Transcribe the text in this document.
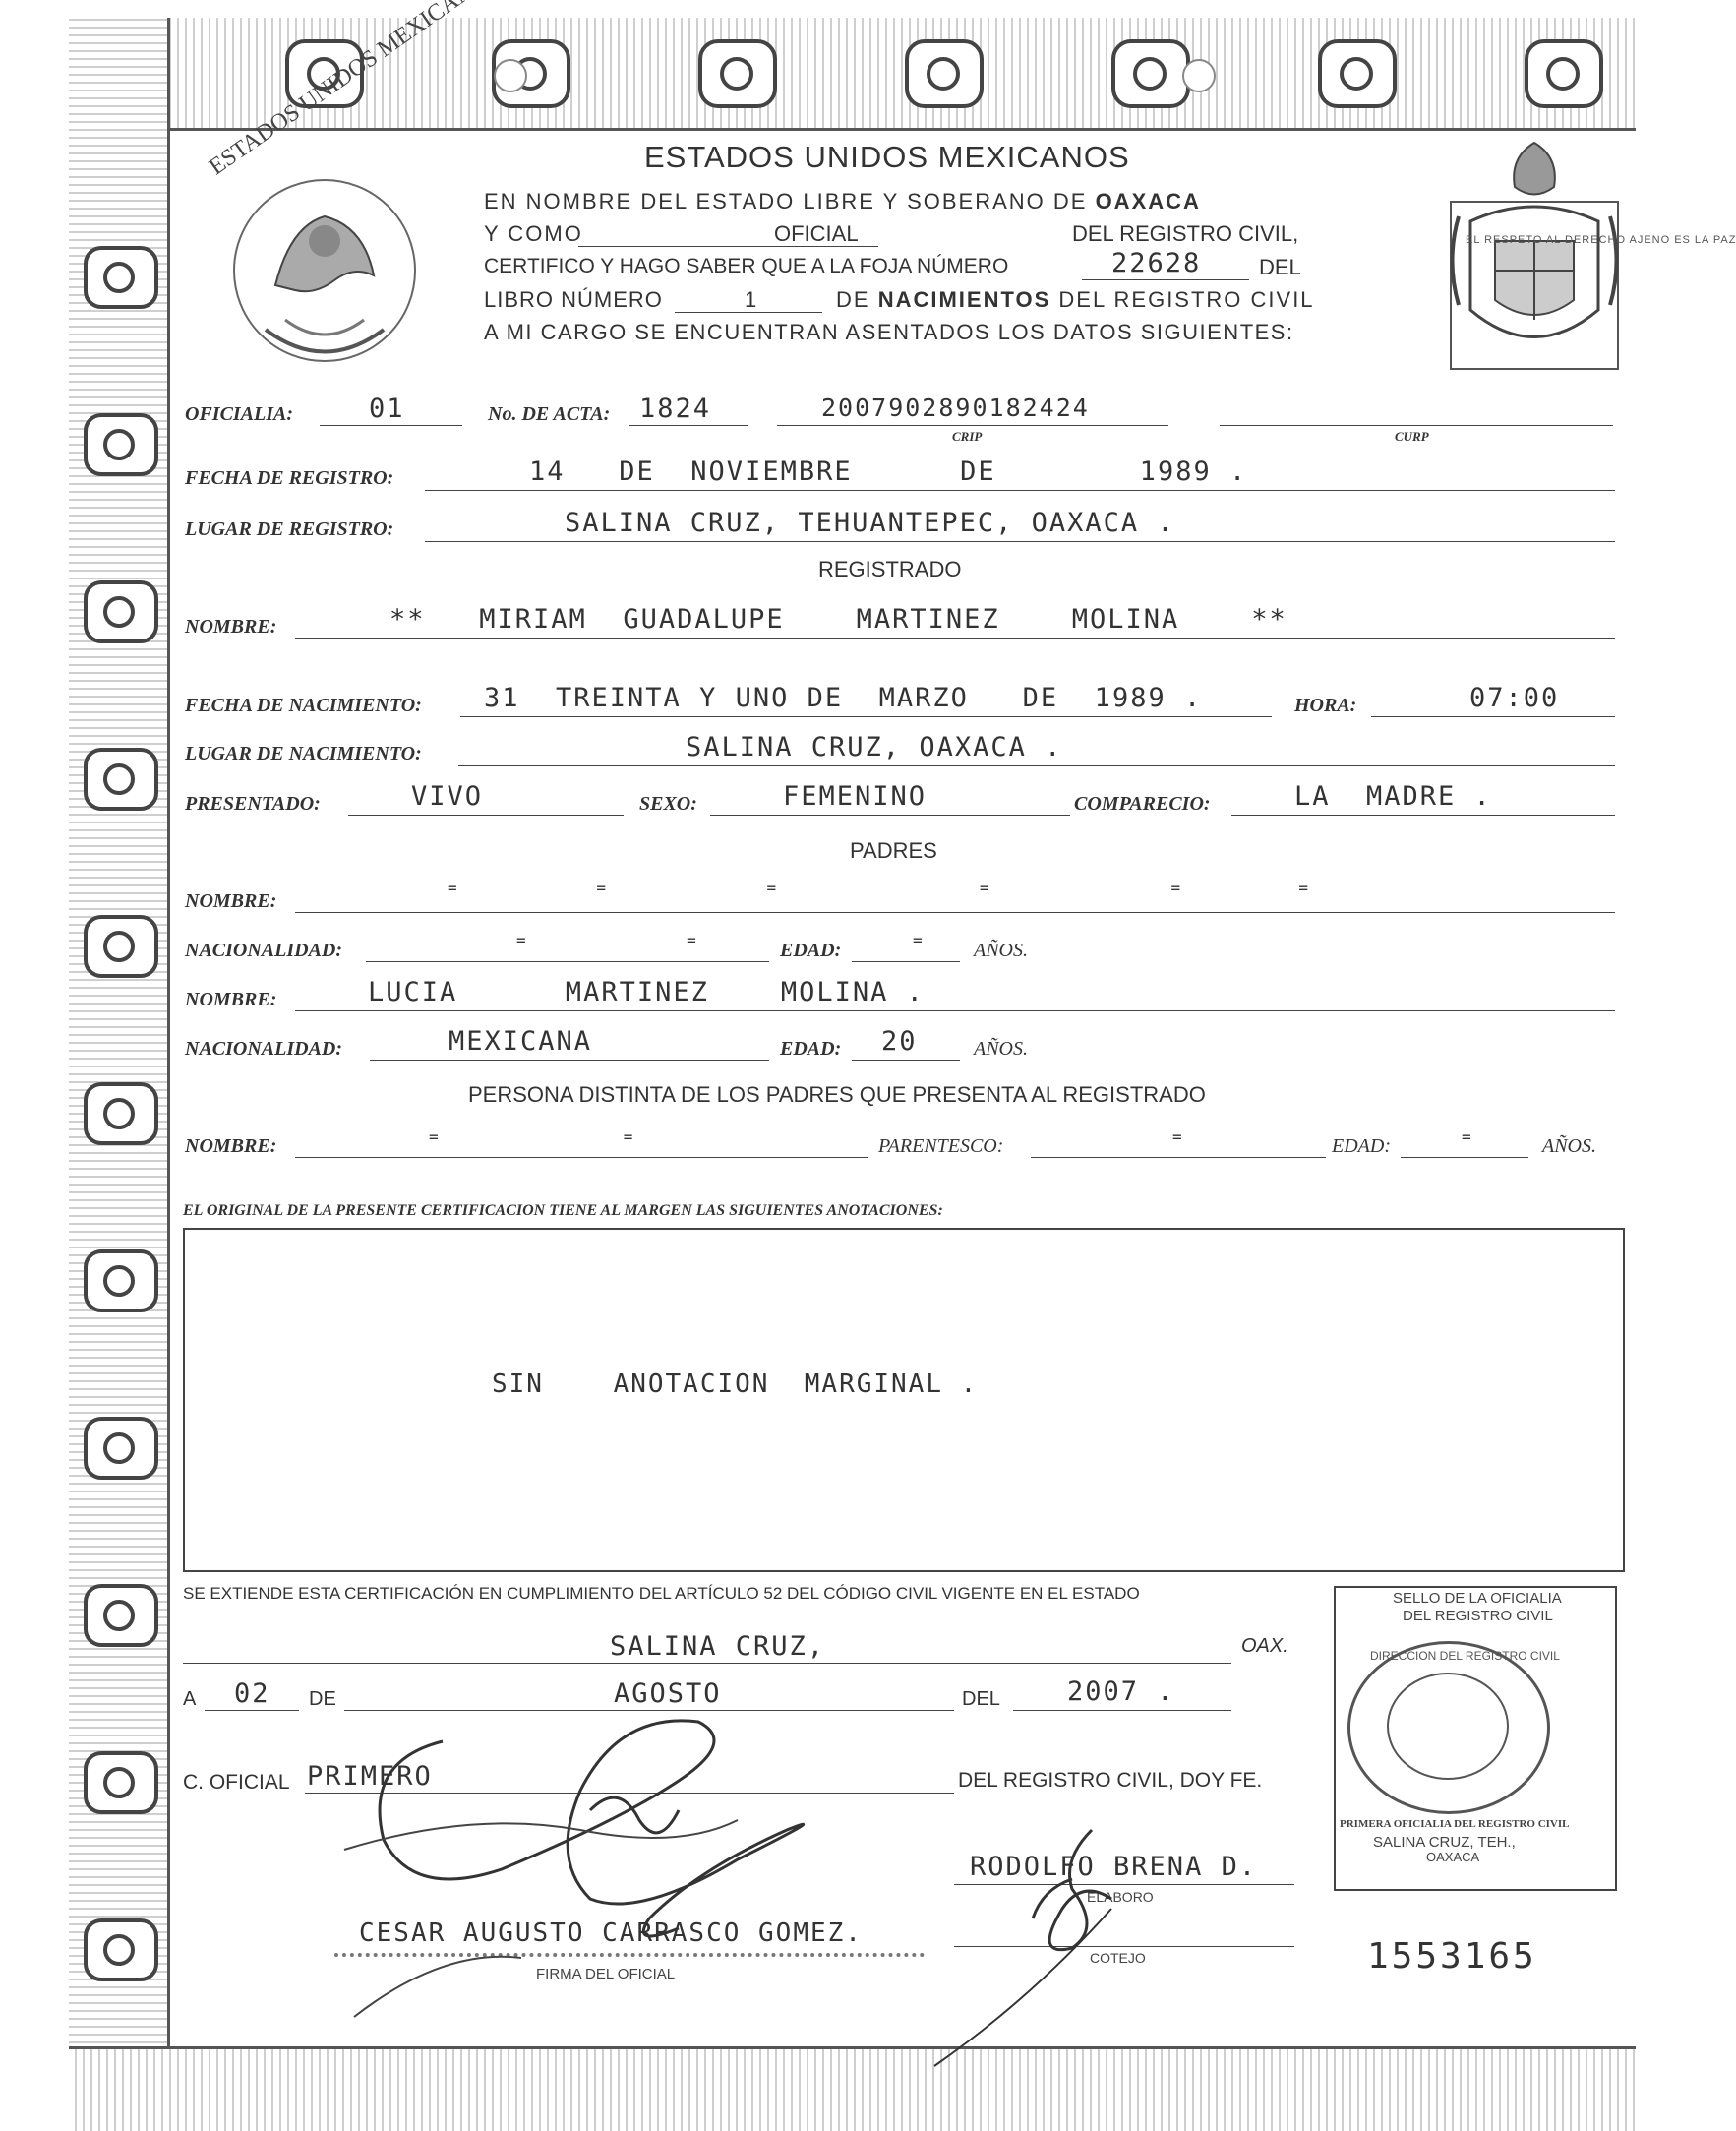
ESTADOS UNIDOS
EL RESPETO AL DERECHO AJENO ES LA PAZ
ESTADOS UNIDOS MEXICANOS
EN NOMBRE DEL ESTADO LIBRE Y SOBERANO DE OAXACA
Y COMO	OFICIAL	DEL REGISTRO CIVIL,
CERTIFICO Y HAGO SABER QUE A LA FOJA NÚMERO	22628	DEL
LIBRO NÚMERO	1	DE NACIMIENTOS DEL REGISTRO CIVIL
A MI CARGO SE ENCUENTRAN ASENTADOS LOS DATOS SIGUIENTES:
OFICIALIA:	01	No. DE ACTA: 1824	2007902890182424
CRIP	CURP
FECHA DE REGISTRO:	14   DE  NOVIEMBRE      DE        1989 .
LUGAR DE REGISTRO:	SALINA CRUZ, TEHUANTEPEC, OAXACA .
REGISTRADO
NOMBRE:	**   MIRIAM  GUADALUPE    MARTINEZ    MOLINA    **
FECHA DE NACIMIENTO: 31  TREINTA Y UNO DE  MARZO   DE  1989 .	HORA:	07:00
LUGAR DE NACIMIENTO:	SALINA CRUZ, OAXACA .
PRESENTADO:	VIVO	SEXO:	FEMENINO	COMPARECIO:	LA  MADRE .
PADRES
NOMBRE:
=      =       =         =        =     =
NACIONALIDAD:	=       =	EDAD:	=	AÑOS.
NOMBRE:	LUCIA      MARTINEZ    MOLINA .
NACIONALIDAD:	MEXICANA	EDAD: 20	AÑOS.
PERSONA DISTINTA DE LOS PADRES QUE PRESENTA AL REGISTRADO
NOMBRE:	=                =	PARENTESCO:	=	EDAD:	=	AÑOS.
EL ORIGINAL DE LA PRESENTE CERTIFICACION TIENE AL MARGEN LAS SIGUIENTES ANOTACIONES:
SIN    ANOTACION  MARGINAL .
SE EXTIENDE ESTA CERTIFICACIÓN EN CUMPLIMIENTO DEL ARTÍCULO 52 DEL CÓDIGO CIVIL VIGENTE EN EL ESTADO
SALINA CRUZ,	OAX.
A 02 DE	AGOSTO	DEL	2007 .
C. OFICIAL PRIMERO	DEL REGISTRO CIVIL, DOY FE.
RODOLFO BRENA D.
ELABORO
COTEJO
CESAR AUGUSTO CARRASCO GOMEZ.
FIRMA DEL OFICIAL	1553165
SELLO DE LA OFICIALIA
DEL REGISTRO CIVIL
DIRECCION DEL REGISTRO CIVIL
PRIMERA OFICIALIA DEL REGISTRO CIVIL
SALINA CRUZ, TEH.,
OAXACA
